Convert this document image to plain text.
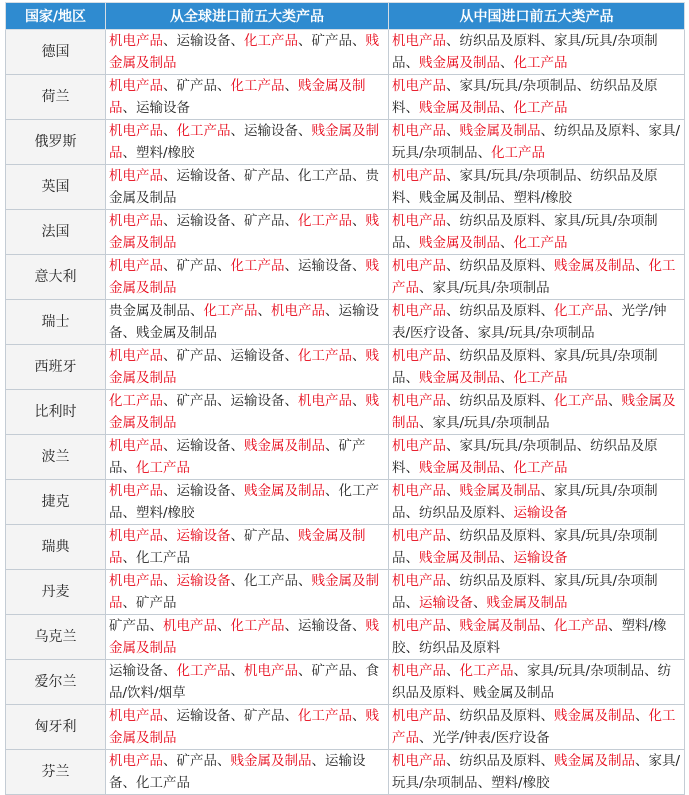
国家/地区	从全球进口前五大类产品	从中国进口前五大类产品
德国	机电产品、运输设备、化工产品、矿产品、贱金属及制品	机电产品、纺织品及原料、家具/玩具/杂项制品、贱金属及制品、化工产品
荷兰	机电产品、矿产品、化工产品、贱金属及制品、运输设备	机电产品、家具/玩具/杂项制品、纺织品及原料、贱金属及制品、化工产品
俄罗斯	机电产品、化工产品、运输设备、贱金属及制品、塑料/橡胶	机电产品、贱金属及制品、纺织品及原料、家具/玩具/杂项制品、化工产品
英国	机电产品、运输设备、矿产品、化工产品、贵金属及制品	机电产品、家具/玩具/杂项制品、纺织品及原料、贱金属及制品、塑料/橡胶
法国	机电产品、运输设备、矿产品、化工产品、贱金属及制品	机电产品、纺织品及原料、家具/玩具/杂项制品、贱金属及制品、化工产品
意大利	机电产品、矿产品、化工产品、运输设备、贱金属及制品	机电产品、纺织品及原料、贱金属及制品、化工产品、家具/玩具/杂项制品
瑞士	贵金属及制品、化工产品、机电产品、运输设备、贱金属及制品	机电产品、纺织品及原料、化工产品、光学/钟表/医疗设备、家具/玩具/杂项制品
西班牙	机电产品、矿产品、运输设备、化工产品、贱金属及制品	机电产品、纺织品及原料、家具/玩具/杂项制品、贱金属及制品、化工产品
比利时	化工产品、矿产品、运输设备、机电产品、贱金属及制品	机电产品、纺织品及原料、化工产品、贱金属及制品、家具/玩具/杂项制品
波兰	机电产品、运输设备、贱金属及制品、矿产品、化工产品	机电产品、家具/玩具/杂项制品、纺织品及原料、贱金属及制品、化工产品
捷克	机电产品、运输设备、贱金属及制品、化工产品、塑料/橡胶	机电产品、贱金属及制品、家具/玩具/杂项制品、纺织品及原料、运输设备
瑞典	机电产品、运输设备、矿产品、贱金属及制品、化工产品	机电产品、纺织品及原料、家具/玩具/杂项制品、贱金属及制品、运输设备
丹麦	机电产品、运输设备、化工产品、贱金属及制品、矿产品	机电产品、纺织品及原料、家具/玩具/杂项制品、运输设备、贱金属及制品
乌克兰	矿产品、机电产品、化工产品、运输设备、贱金属及制品	机电产品、贱金属及制品、化工产品、塑料/橡胶、纺织品及原料
爱尔兰	运输设备、化工产品、机电产品、矿产品、食品/饮料/烟草	机电产品、化工产品、家具/玩具/杂项制品、纺织品及原料、贱金属及制品
匈牙利	机电产品、运输设备、矿产品、化工产品、贱金属及制品	机电产品、纺织品及原料、贱金属及制品、化工产品、光学/钟表/医疗设备
芬兰	机电产品、矿产品、贱金属及制品、运输设备、化工产品	机电产品、纺织品及原料、贱金属及制品、家具/玩具/杂项制品、塑料/橡胶
